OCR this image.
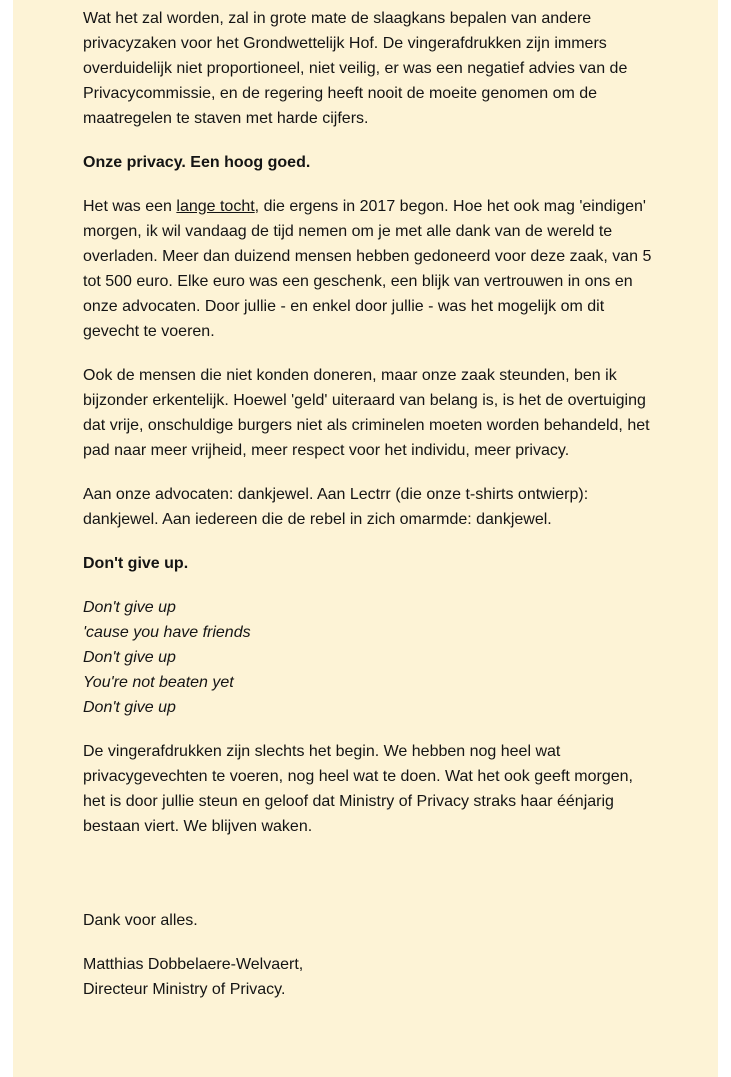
Wat het zal worden, zal in grote mate de slaagkans bepalen van andere privacyzaken voor het Grondwettelijk Hof. De vingerafdrukken zijn immers overduidelijk niet proportioneel, niet veilig, er was een negatief advies van de Privacycommissie, en de regering heeft nooit de moeite genomen om de maatregelen te staven met harde cijfers.

Onze privacy. Een hoog goed.

Het was een lange tocht, die ergens in 2017 begon. Hoe het ook mag 'eindigen' morgen, ik wil vandaag de tijd nemen om je met alle dank van de wereld te overladen. Meer dan duizend mensen hebben gedoneerd voor deze zaak, van 5 tot 500 euro. Elke euro was een geschenk, een blijk van vertrouwen in ons en onze advocaten. Door jullie - en enkel door jullie - was het mogelijk om dit gevecht te voeren.

Ook de mensen die niet konden doneren, maar onze zaak steunden, ben ik bijzonder erkentelijk. Hoewel 'geld' uiteraard van belang is, is het de overtuiging dat vrije, onschuldige burgers niet als criminelen moeten worden behandeld, het pad naar meer vrijheid, meer respect voor het individu, meer privacy.

Aan onze advocaten: dankjewel. Aan Lectrr (die onze t-shirts ontwierp): dankjewel. Aan iedereen die de rebel in zich omarmde: dankjewel.

Don't give up.

Don't give up
'cause you have friends
Don't give up
You're not beaten yet
Don't give up

De vingerafdrukken zijn slechts het begin. We hebben nog heel wat privacygevechten te voeren, nog heel wat te doen. Wat het ook geeft morgen, het is door jullie steun en geloof dat Ministry of Privacy straks haar éénjarig bestaan viert. We blijven waken.

Dank voor alles.

Matthias Dobbelaere-Welvaert,
Directeur Ministry of Privacy.
